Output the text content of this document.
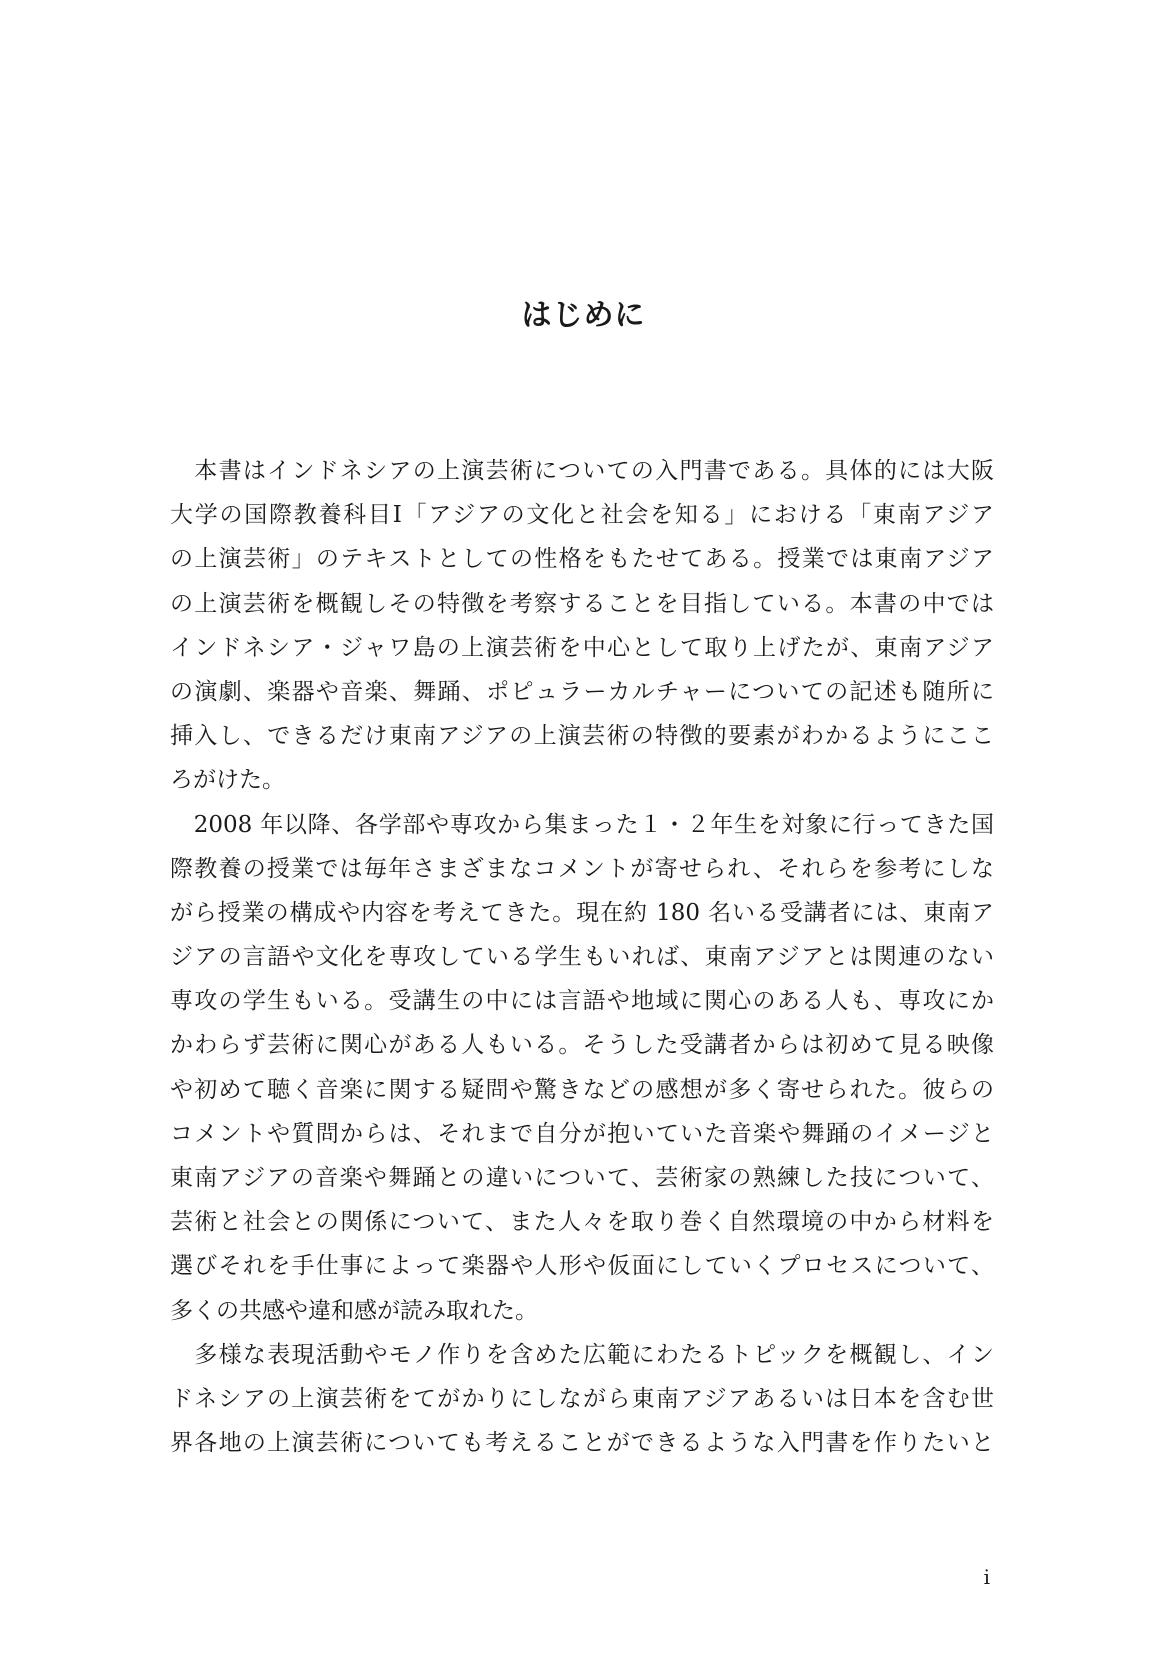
はじめに
　本書はインドネシアの上演芸術についての入門書である。具体的には大阪
大学の国際教養科目Ⅰ「アジアの文化と社会を知る」における「東南アジア
の上演芸術」のテキストとしての性格をもたせてある。授業では東南アジア
の上演芸術を概観しその特徴を考察することを目指している。本書の中では
インドネシア・ジャワ島の上演芸術を中心として取り上げたが、東南アジア
の演劇、楽器や音楽、舞踊、ポピュラーカルチャーについての記述も随所に
挿入し、できるだけ東南アジアの上演芸術の特徴的要素がわかるようにここ
ろがけた。
　2008 年以降、各学部や専攻から集まった１・２年生を対象に行ってきた国
際教養の授業では毎年さまざまなコメントが寄せられ、それらを参考にしな
がら授業の構成や内容を考えてきた。現在約 180 名いる受講者には、東南ア
ジアの言語や文化を専攻している学生もいれば、東南アジアとは関連のない
専攻の学生もいる。受講生の中には言語や地域に関心のある人も、専攻にか
かわらず芸術に関心がある人もいる。そうした受講者からは初めて見る映像
や初めて聴く音楽に関する疑問や驚きなどの感想が多く寄せられた。彼らの
コメントや質問からは、それまで自分が抱いていた音楽や舞踊のイメージと
東南アジアの音楽や舞踊との違いについて、芸術家の熟練した技について、
芸術と社会との関係について、また人々を取り巻く自然環境の中から材料を
選びそれを手仕事によって楽器や人形や仮面にしていくプロセスについて、
多くの共感や違和感が読み取れた。
　多様な表現活動やモノ作りを含めた広範にわたるトピックを概観し、イン
ドネシアの上演芸術をてがかりにしながら東南アジアあるいは日本を含む世
界各地の上演芸術についても考えることができるような入門書を作りたいと
i
